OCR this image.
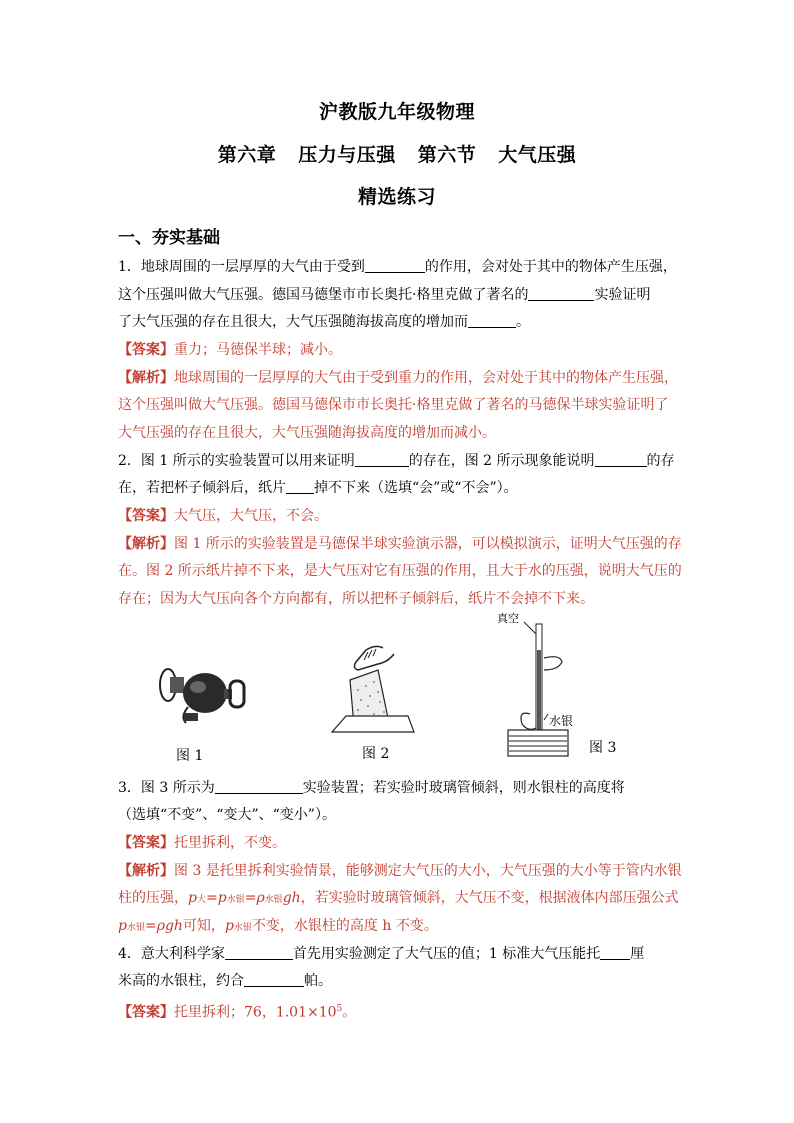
沪教版九年级物理
第六章 压力与压强 第六节 大气压强
精选练习
一、夯实基础
1．地球周围的一层厚厚的大气由于受到	的作用，会对处于其中的物体产生压强，
这个压强叫做大气压强。德国马德堡市市长奥托·格里克做了著名的	实验证明
了大气压强的存在且很大，大气压强随海拔高度的增加而	。
【答案】重力；马德保半球；减小。
【解析】地球周围的一层厚厚的大气由于受到重力的作用，会对处于其中的物体产生压强，
这个压强叫做大气压强。德国马德保市市长奥托·格里克做了著名的马德保半球实验证明了
大气压强的存在且很大，大气压强随海拔高度的增加而减小。
2．图 1 所示的实验装置可以用来证明	的存在，图 2 所示现象能说明	的存
在，若把杯子倾斜后，纸片 掉不下来（选填“会”或“不会”）。
【答案】大气压，大气压，不会。
【解析】图 1 所示的实验装置是马德保半球实验演示器，可以模拟演示，证明大气压强的存
在。图 2 所示纸片掉不下来，是大气压对它有压强的作用，且大于水的压强，说明大气压的
存在；因为大气压向各个方向都有，所以把杯子倾斜后，纸片不会掉不下来。
图 1	图 2
真空
水银
图 3
3．图 3 所示为	实验装置；若实验时玻璃管倾斜，则水银柱的高度将
（选填“不变”、“变大”、“变小”）。
【答案】托里拆利，不变。
【解析】图 3 是托里拆利实验情景，能够测定大气压的大小，大气压强的大小等于管内水银
柱的压强，p大=p水银=ρ水银gh，若实验时玻璃管倾斜，大气压不变，根据液体内部压强公式
p水银=ρgh可知，p水银不变，水银柱的高度 h 不变。
4．意大利科学家	首先用实验测定了大气压的值；1 标准大气压能托 厘
米高的水银柱，约合	帕。
【答案】托里拆利；76，$1.01\times 10^5$。
